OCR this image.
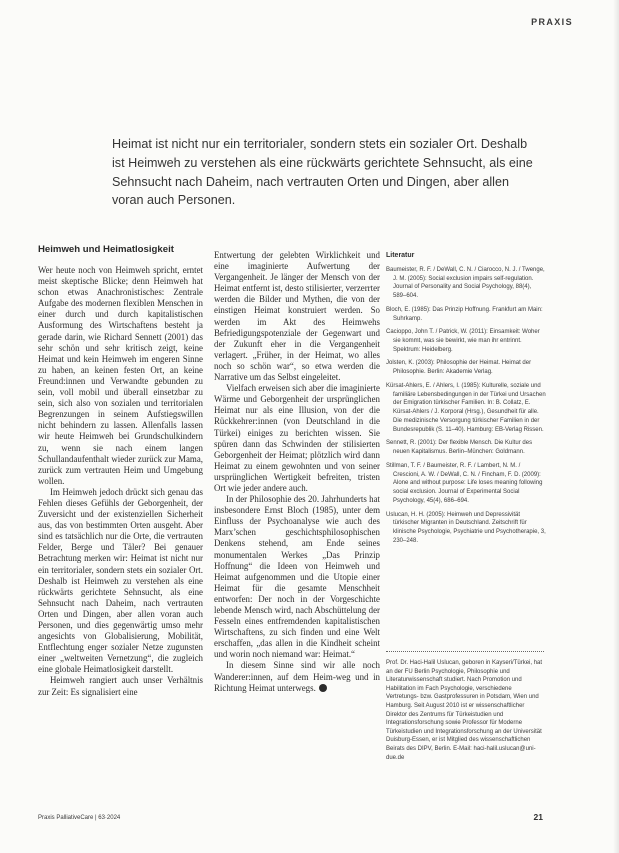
PRAXIS
Heimat ist nicht nur ein territorialer, sondern stets ein sozialer Ort. Deshalb ist Heimweh zu verstehen als eine rückwärts gerichtete Sehnsucht, als eine Sehnsucht nach Daheim, nach vertrauten Orten und Dingen, aber allen voran auch Personen.
Heimweh und Heimatlosigkeit

Wer heute noch von Heimweh spricht, erntet meist skeptische Blicke; denn Heimweh hat schon etwas Anachronistisches: Zentrale Aufgabe des modernen flexiblen Menschen in einer durch und durch kapitalistischen Ausformung des Wirtschaftens besteht ja gerade darin, wie Richard Sennett (2001) das sehr schön und sehr kritisch zeigt, keine Heimat und kein Heimweh im engeren Sinne zu haben, an keinen festen Ort, an keine Freund:innen und Verwandte gebunden zu sein, voll mobil und überall einsetzbar zu sein, sich also von sozialen und territorialen Begrenzungen in seinem Aufstiegswillen nicht behindern zu lassen. Allenfalls lassen wir heute Heimweh bei Grundschulkindern zu, wenn sie nach einem langen Schullandaufenthalt wieder zurück zur Mama, zurück zum vertrauten Heim und Umgebung wollen.

Im Heimweh jedoch drückt sich genau das Fehlen dieses Gefühls der Geborgenheit, der Zuversicht und der existenziellen Sicherheit aus, das von bestimmten Orten ausgeht. Aber sind es tatsächlich nur die Orte, die vertrauten Felder, Berge und Täler? Bei genauer Betrachtung merken wir: Heimat ist nicht nur ein territorialer, sondern stets ein sozialer Ort. Deshalb ist Heimweh zu verstehen als eine rückwärts gerichtete Sehnsucht, als eine Sehnsucht nach Daheim, nach vertrauten Orten und Dingen, aber allen voran auch Personen, und dies gegenwärtig umso mehr angesichts von Globalisierung, Mobilität, Entflechtung enger sozialer Netze zugunsten einer „weltweiten Vernetzung“, die zugleich eine globale Heimatlosigkeit darstellt.

Heimweh rangiert auch unser Verhältnis zur Zeit: Es signalisiert eine

Entwertung der gelebten Wirklichkeit und eine imaginierte Aufwertung der Vergangenheit. Je länger der Mensch von der Heimat entfernt ist, desto stilisierter, verzerrter werden die Bilder und Mythen, die von der einstigen Heimat konstruiert werden. So werden im Akt des Heimwehs Befriedigungspotenziale der Gegenwart und der Zukunft eher in die Vergangenheit verlagert. „Früher, in der Heimat, wo alles noch so schön war“, so etwa werden die Narrative um das Selbst eingeleitet.

Vielfach erweisen sich aber die imaginierte Wärme und Geborgenheit der ursprünglichen Heimat nur als eine Illusion, von der die Rückkehrer:innen (von Deutschland in die Türkei) einiges zu berichten wissen. Sie spüren dann das Schwinden der stilisierten Geborgenheit der Heimat; plötzlich wird dann Heimat zu einem gewohnten und von seiner ursprünglichen Wertigkeit befreiten, tristen Ort wie jeder andere auch.

In der Philosophie des 20. Jahrhunderts hat insbesondere Ernst Bloch (1985), unter dem Einfluss der Psychoanalyse wie auch des Marx’schen geschichtsphilosophischen Denkens stehend, am Ende seines monumentalen Werkes „Das Prinzip Hoffnung“ die Ideen von Heimweh und Heimat aufgenommen und die Utopie einer Heimat für die gesamte Menschheit entworfen: Der noch in der Vorgeschichte lebende Mensch wird, nach Abschüttelung der Fesseln eines entfremdenden kapitalistischen Wirtschaftens, zu sich finden und eine Welt erschaffen, „das allen in die Kindheit scheint und worin noch niemand war: Heimat.“

In diesem Sinne sind wir alle noch Wanderer:innen, auf dem Heim-weg und in Richtung Heimat unterwegs.

Literatur
Baumeister, R. F. / DeWall, C. N. / Ciarocco, N. J. / Twenge, J. M. (2005): Social exclusion impairs self-regulation. Journal of Personality and Social Psychology, 88(4), 589–604.
Bloch, E. (1985): Das Prinzip Hoffnung. Frankfurt am Main: Suhrkamp.
Cacioppo, John T. / Patrick, W. (2011): Einsamkeit: Woher sie kommt, was sie bewirkt, wie man ihr entrinnt. Spektrum: Heidelberg.
Jolsten, K. (2003): Philosophie der Heimat. Heimat der Philosophie. Berlin: Akademie Verlag.
Kürsat-Ahlers, E. / Ahlers, I. (1985): Kulturelle, soziale und familiäre Lebensbedingungen in der Türkei und Ursachen der Emigration türkischer Familien. In: B. Collatz, E. Kürsat-Ahlers / J. Korporal (Hrsg.), Gesundheit für alle. Die medizinische Versorgung türkischer Familien in der Bundesrepublik (S. 11–40). Hamburg: EB-Verlag Rissen.
Sennett, R. (2001): Der flexible Mensch. Die Kultur des neuen Kapitalismus. Berlin–München: Goldmann.
Stillman, T. F. / Baumeister, R. F. / Lambert, N. M. / Crescioni, A. W. / DeWall, C. N. / Fincham, F. D. (2009): Alone and without purpose: Life loses meaning following social exclusion. Journal of Experimental Social Psychology, 45(4), 686–694.
Uslucan, H. H. (2005): Heimweh und Depressivität türkischer Migranten in Deutschland. Zeitschrift für klinische Psychologie, Psychiatrie und Psychotherapie, 3, 230–248.
Prof. Dr. Haci-Halil Uslucan, geboren in Kayseri/Türkei, hat an der FU Berlin Psychologie, Philosophie und Literaturwissenschaft studiert. Nach Promotion und Habilitation im Fach Psychologie, verschiedene Vertretungs- bzw. Gastprofessuren in Potsdam, Wien und Hamburg. Seit August 2010 ist er wissenschaftlicher Direktor des Zentrums für Türkeistudien und Integrationsforschung sowie Professor für Moderne Türkeistudien und Integrationsforschung an der Universität Duisburg-Essen, er ist Mitglied des wissenschaftlichen Beirats des DIPV, Berlin. E-Mail: haci-halil.uslucan@uni-due.de
Praxis PalliativeCare | 63·2024	21
